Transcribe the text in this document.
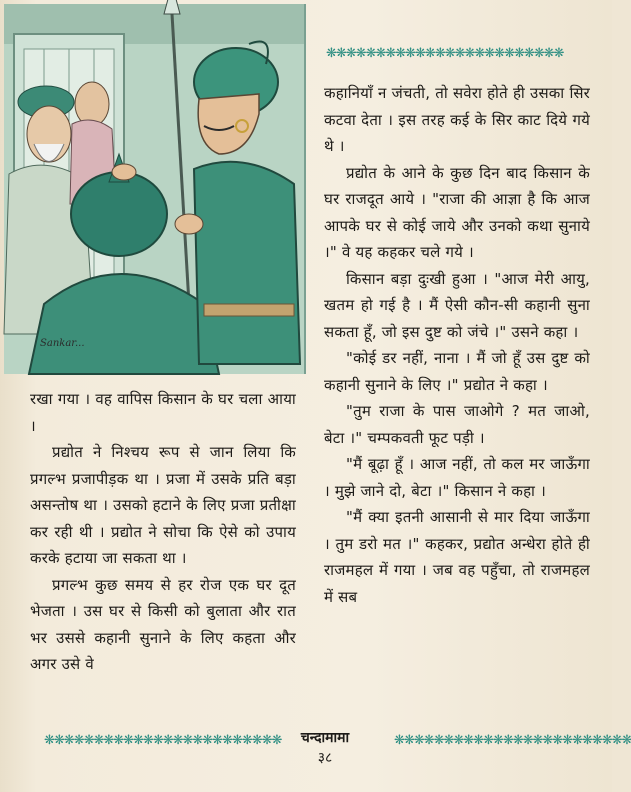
Sankar...
❋❋❋❋❋❋❋❋❋❋❋❋❋❋❋❋❋❋❋❋❋❋❋❋

कहानियाँ न जंचती, तो सवेरा होते ही उसका सिर कटवा देता । इस तरह कई के सिर काट दिये गये थे ।

प्रद्योत के आने के कुछ दिन बाद किसान के घर राजदूत आये । "राजा की आज्ञा है कि आज आपके घर से कोई जाये और उनको कथा सुनाये ।" वे यह कहकर चले गये ।

किसान बड़ा दुःखी हुआ । "आज मेरी आयु, खतम हो गई है । मैं ऐसी कौन-सी कहानी सुना सकता हूँ, जो इस दुष्ट को जंचे ।" उसने कहा ।

"कोई डर नहीं, नाना । मैं जो हूँ उस दुष्ट को कहानी सुनाने के लिए ।" प्रद्योत ने कहा ।

"तुम राजा के पास जाओगे ? मत जाओ, बेटा ।" चम्पकवती फूट पड़ी ।

"मैं बूढ़ा हूँ । आज नहीं, तो कल मर जाऊँगा । मुझे जाने दो, बेटा ।" किसान ने कहा ।

"मैं क्या इतनी आसानी से मार दिया जाऊँगा । तुम डरो मत ।" कहकर, प्रद्योत अन्धेरा होते ही राजमहल में गया । जब वह पहुँचा, तो राजमहल में सब

रखा गया । वह वापिस किसान के घर चला आया ।

प्रद्योत ने निश्चय रूप से जान लिया कि प्रगल्भ प्रजापीड़क था । प्रजा में उसके प्रति बड़ा असन्तोष था । उसको हटाने के लिए प्रजा प्रतीक्षा कर रही थी । प्रद्योत ने सोचा कि ऐसे को उपाय करके हटाया जा सकता था ।

प्रगल्भ कुछ समय से हर रोज एक घर दूत भेजता । उस घर से किसी को बुलाता और रात भर उससे कहानी सुनाने के लिए कहता और अगर उसे वे

❋❋❋❋❋❋❋❋❋❋❋❋❋❋❋❋❋❋❋❋❋❋❋❋	चन्दामामा
३८
❋❋❋❋❋❋❋❋❋❋❋❋❋❋❋❋❋❋❋❋❋❋❋❋
